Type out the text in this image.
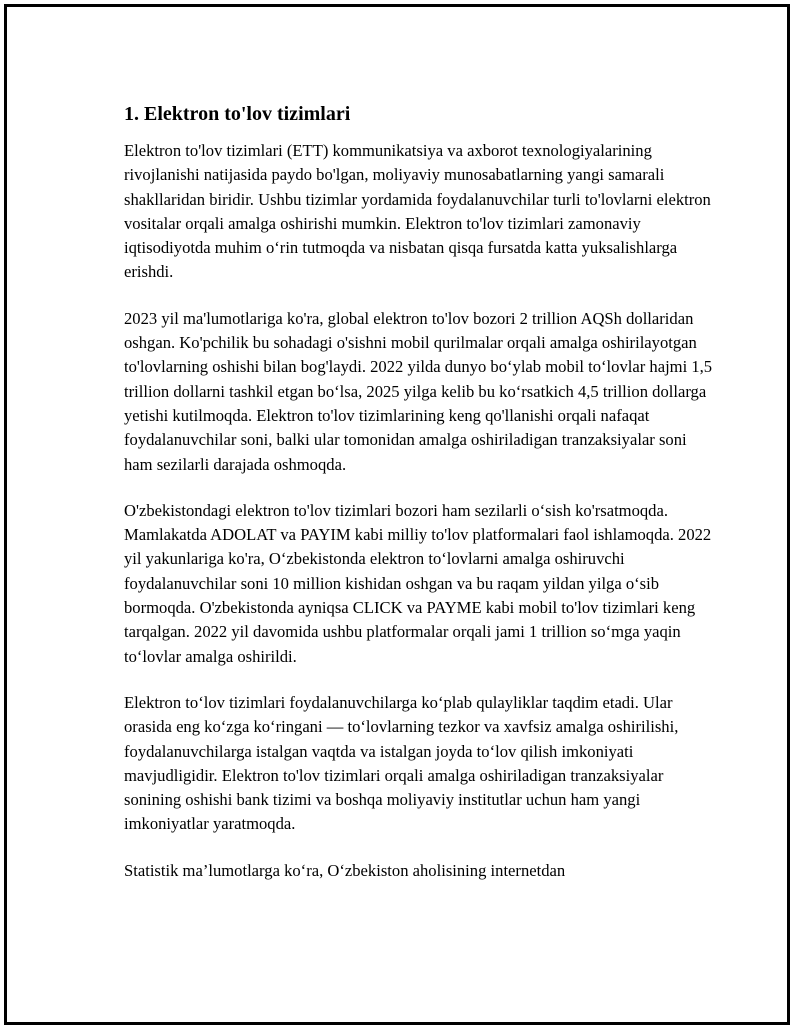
1. Elektron to'lov tizimlari

Elektron to'lov tizimlari (ETT) kommunikatsiya va axborot texnologiyalarining rivojlanishi natijasida paydo bo'lgan, moliyaviy munosabatlarning yangi samarali shakllaridan biridir. Ushbu tizimlar yordamida foydalanuvchilar turli to'lovlarni elektron vositalar orqali amalga oshirishi mumkin. Elektron to'lov tizimlari zamonaviy iqtisodiyotda muhim o‘rin tutmoqda va nisbatan qisqa fursatda katta yuksalishlarga erishdi.

2023 yil ma'lumotlariga ko'ra, global elektron to'lov bozori 2 trillion AQSh dollaridan oshgan. Ko'pchilik bu sohadagi o'sishni mobil qurilmalar orqali amalga oshirilayotgan to'lovlarning oshishi bilan bog'laydi. 2022 yilda dunyo bo‘ylab mobil to‘lovlar hajmi 1,5 trillion dollarni tashkil etgan bo‘lsa, 2025 yilga kelib bu ko‘rsatkich 4,5 trillion dollarga yetishi kutilmoqda. Elektron to'lov tizimlarining keng qo'llanishi orqali nafaqat foydalanuvchilar soni, balki ular tomonidan amalga oshiriladigan tranzaksiyalar soni ham sezilarli darajada oshmoqda.

O'zbekistondagi elektron to'lov tizimlari bozori ham sezilarli o‘sish ko'rsatmoqda. Mamlakatda ADOLAT va PAYIM kabi milliy to'lov platformalari faol ishlamoqda. 2022 yil yakunlariga ko'ra, O‘zbekistonda elektron to‘lovlarni amalga oshiruvchi foydalanuvchilar soni 10 million kishidan oshgan va bu raqam yildan yilga o‘sib bormoqda. O'zbekistonda ayniqsa CLICK va PAYME kabi mobil to'lov tizimlari keng tarqalgan. 2022 yil davomida ushbu platformalar orqali jami 1 trillion so‘mga yaqin to‘lovlar amalga oshirildi.

Elektron to‘lov tizimlari foydalanuvchilarga ko‘plab qulayliklar taqdim etadi. Ular orasida eng ko‘zga ko‘ringani — to‘lovlarning tezkor va xavfsiz amalga oshirilishi, foydalanuvchilarga istalgan vaqtda va istalgan joyda to‘lov qilish imkoniyati mavjudligidir. Elektron to'lov tizimlari orqali amalga oshiriladigan tranzaksiyalar sonining oshishi bank tizimi va boshqa moliyaviy institutlar uchun ham yangi imkoniyatlar yaratmoqda.

Statistik ma’lumotlarga ko‘ra, O‘zbekiston aholisining internetdan
